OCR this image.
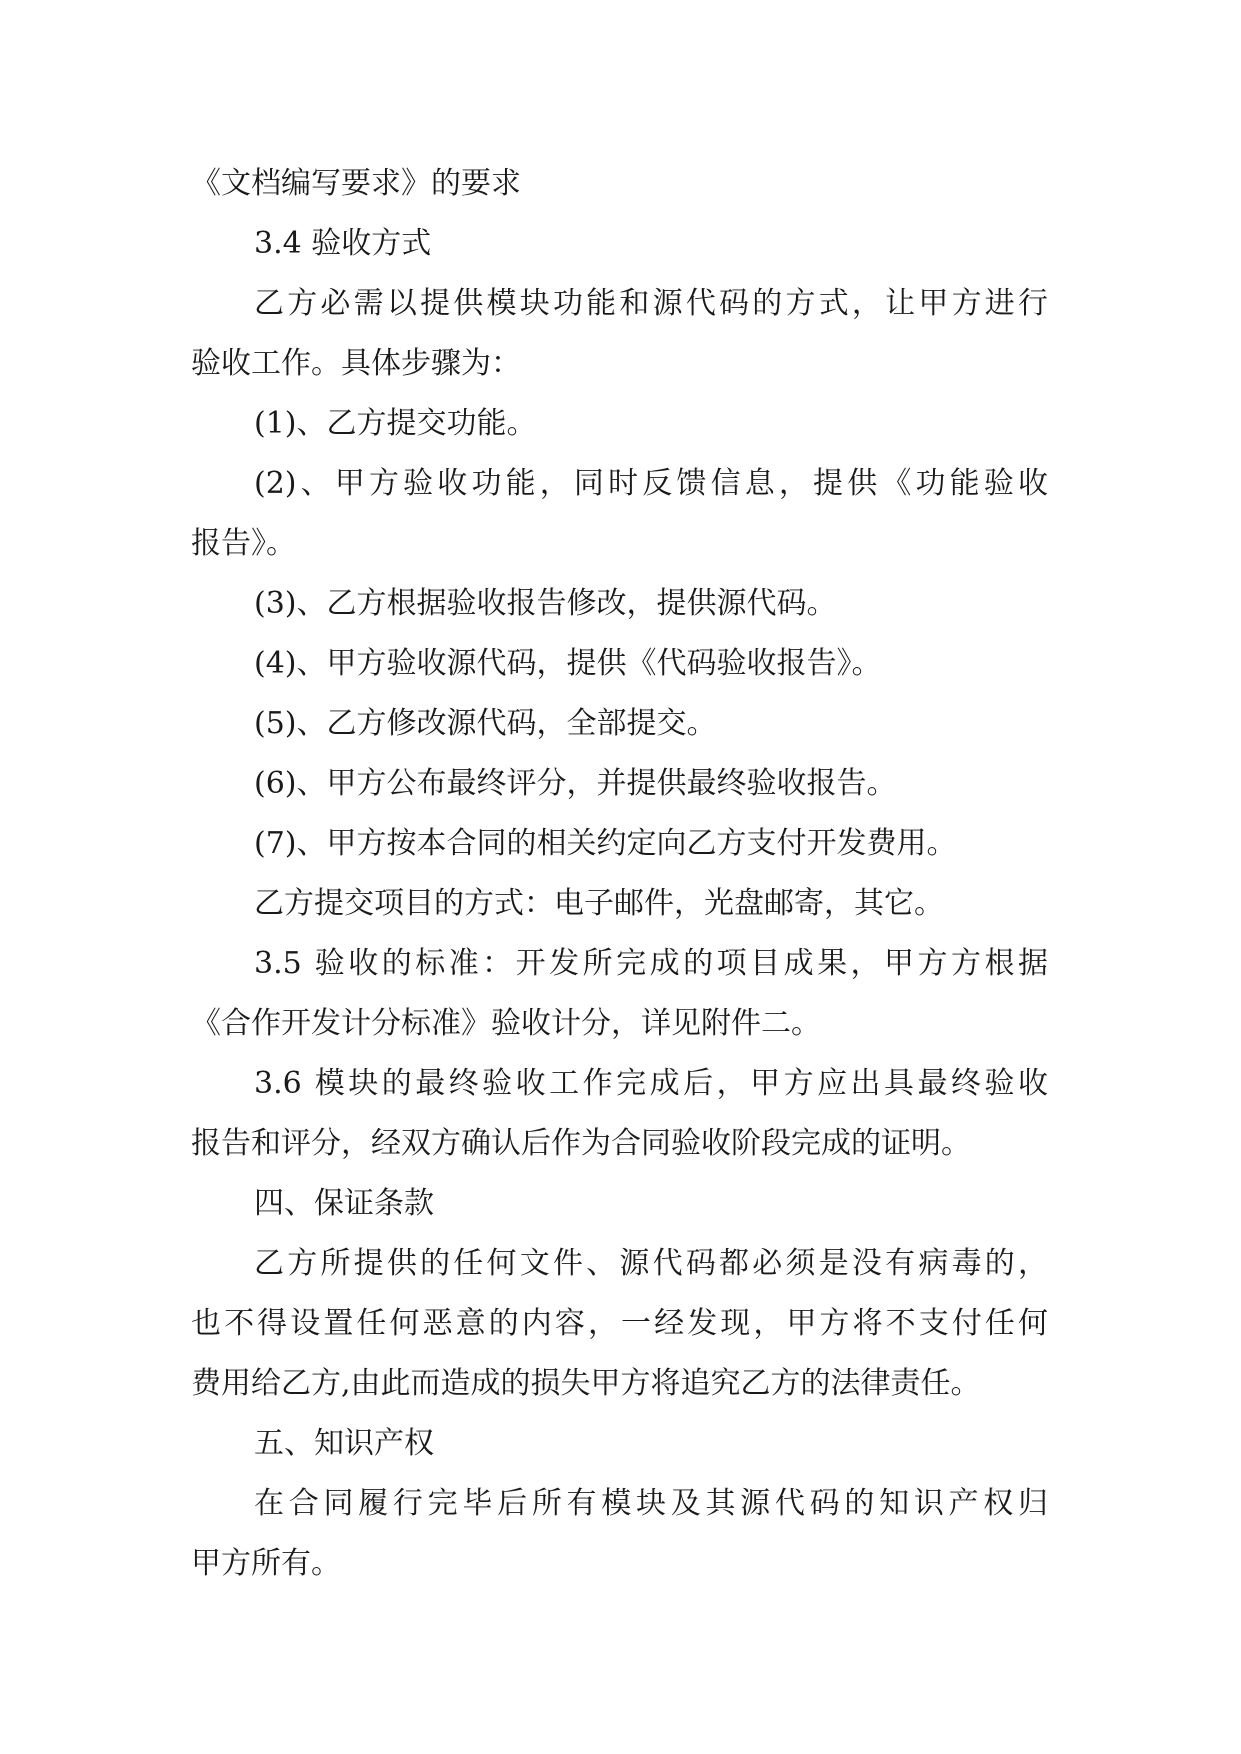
《文档编写要求》的要求

3.4 验收方式

乙方必需以提供模块功能和源代码的方式，让甲方进行

验收工作。具体步骤为：

(1)、乙方提交功能。

(2)、甲方验收功能，同时反馈信息，提供《功能验收

报告》。

(3)、乙方根据验收报告修改，提供源代码。

(4)、甲方验收源代码，提供《代码验收报告》。

(5)、乙方修改源代码，全部提交。

(6)、甲方公布最终评分，并提供最终验收报告。

(7)、甲方按本合同的相关约定向乙方支付开发费用。

乙方提交项目的方式：电子邮件，光盘邮寄，其它。

3.5 验收的标准：开发所完成的项目成果，甲方方根据

《合作开发计分标准》验收计分，详见附件二。

3.6 模块的最终验收工作完成后，甲方应出具最终验收

报告和评分，经双方确认后作为合同验收阶段完成的证明。

四、保证条款

乙方所提供的任何文件、源代码都必须是没有病毒的，

也不得设置任何恶意的内容，一经发现，甲方将不支付任何

费用给乙方,由此而造成的损失甲方将追究乙方的法律责任。

五、知识产权

在合同履行完毕后所有模块及其源代码的知识产权归

甲方所有。
